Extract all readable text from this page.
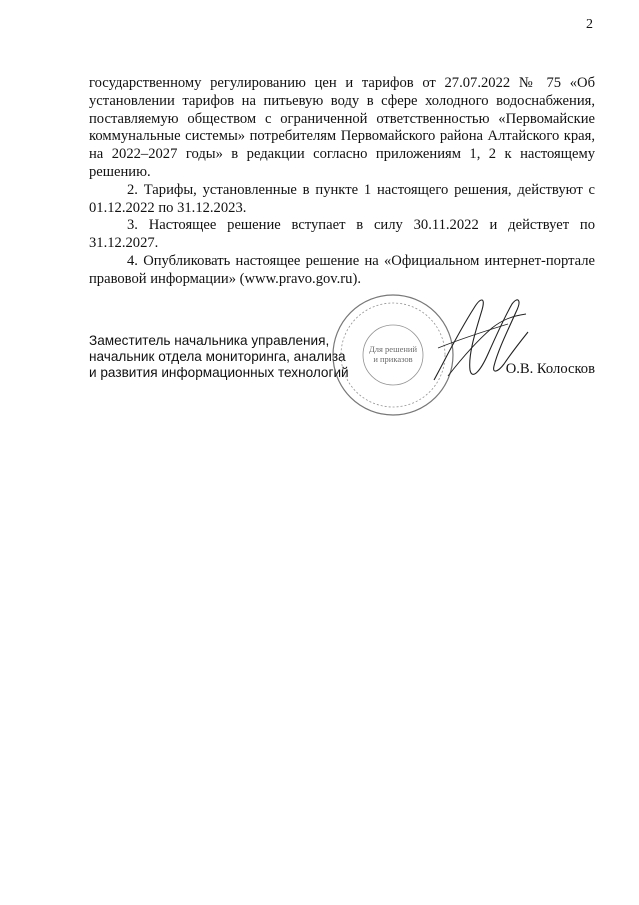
2

государственному регулированию цен и тарифов от 27.07.2022 № 75 «Об установлении тарифов на питьевую воду в сфере холодного водоснабжения, поставляемую обществом с ограниченной ответственностью «Первомайские коммунальные системы» потребителям Первомайского района Алтайского края, на 2022–2027 годы» в редакции согласно приложениям 1, 2 к настоящему решению.

2. Тарифы, установленные в пункте 1 настоящего решения, действуют с 01.12.2022 по 31.12.2023.

3. Настоящее решение вступает в силу 30.11.2022 и действует по 31.12.2027.

4. Опубликовать настоящее решение на «Официальном интернет-портале правовой информации» (www.pravo.gov.ru).

Заместитель начальника управления,
начальник отдела мониторинга, анализа
и развития информационных технологий	О.В. Колосков
Для решений
и приказов
